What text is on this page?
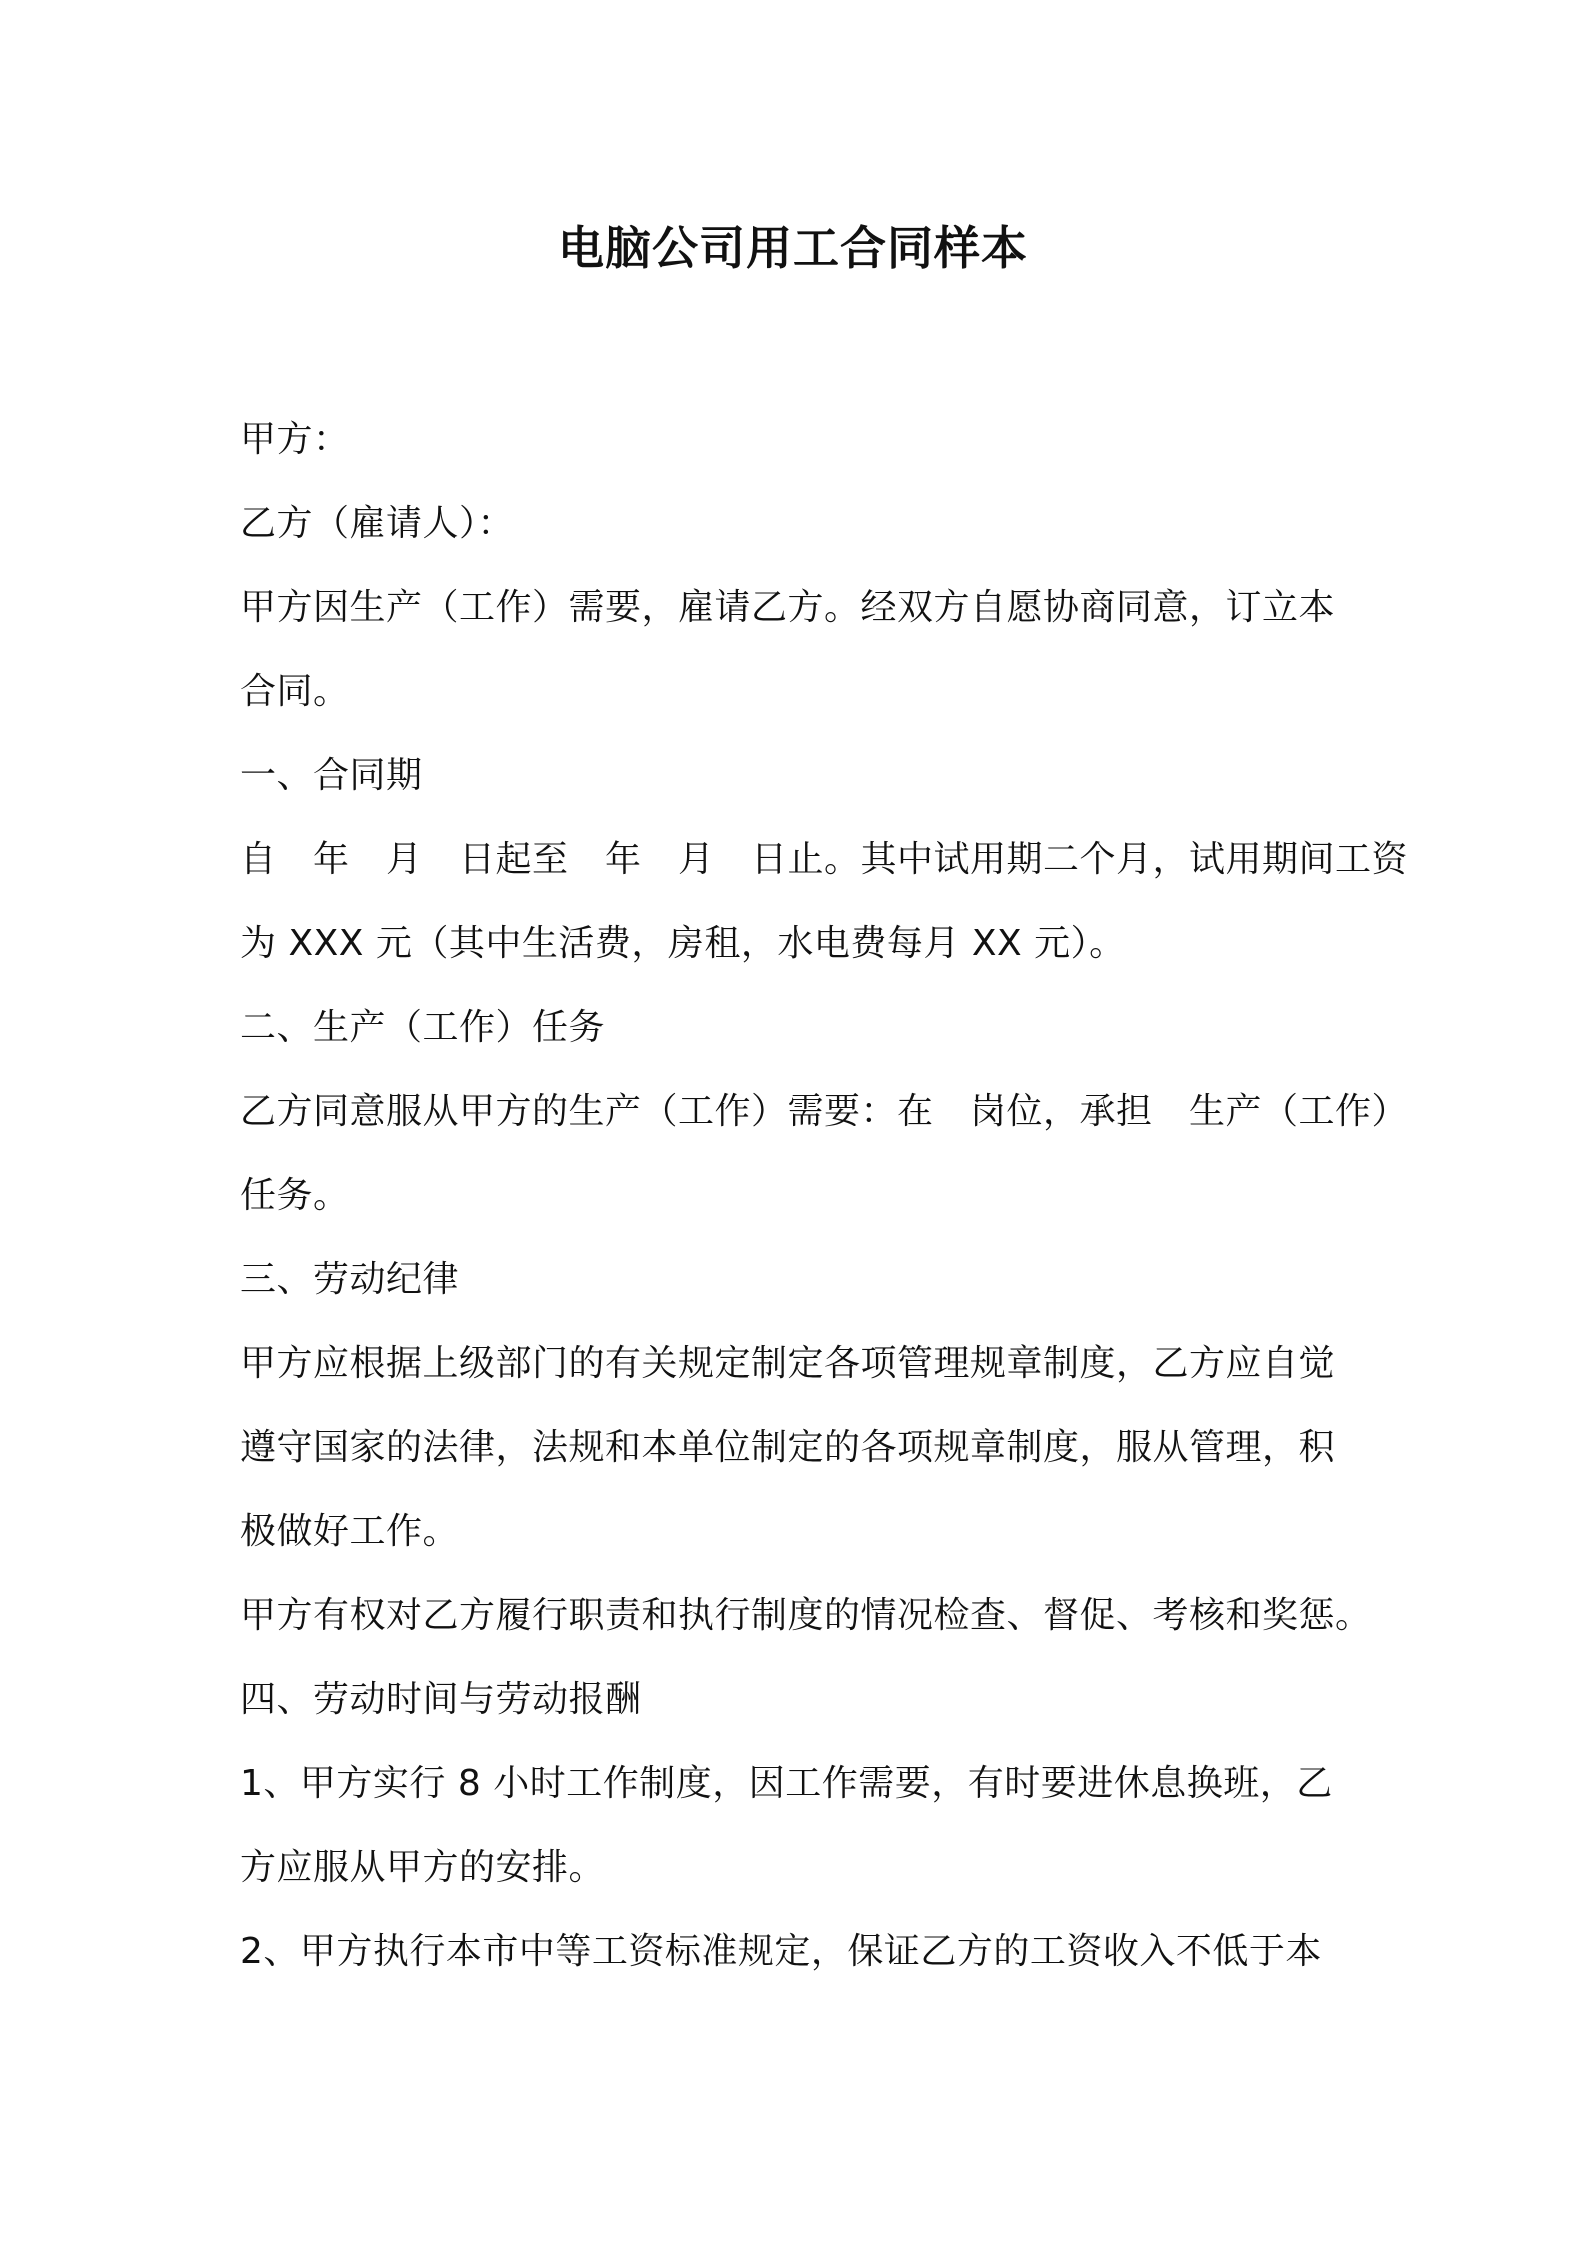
电脑公司用工合同样本

甲方：

乙方（雇请人）：

甲方因生产（工作）需要，雇请乙方。经双方自愿协商同意，订立本

合同。

一、合同期

自　年　月　日起至　年　月　日止。其中试用期二个月，试用期间工资

为 XXX 元（其中生活费，房租，水电费每月 XX 元）。

二、生产（工作）任务

乙方同意服从甲方的生产（工作）需要：在　岗位，承担　生产（工作）

任务。

三、劳动纪律

甲方应根据上级部门的有关规定制定各项管理规章制度，乙方应自觉

遵守国家的法律，法规和本单位制定的各项规章制度，服从管理，积

极做好工作。

甲方有权对乙方履行职责和执行制度的情况检查、督促、考核和奖惩。

四、劳动时间与劳动报酬

1、甲方实行 8 小时工作制度，因工作需要，有时要进休息换班，乙

方应服从甲方的安排。

2、甲方执行本市中等工资标准规定，保证乙方的工资收入不低于本
